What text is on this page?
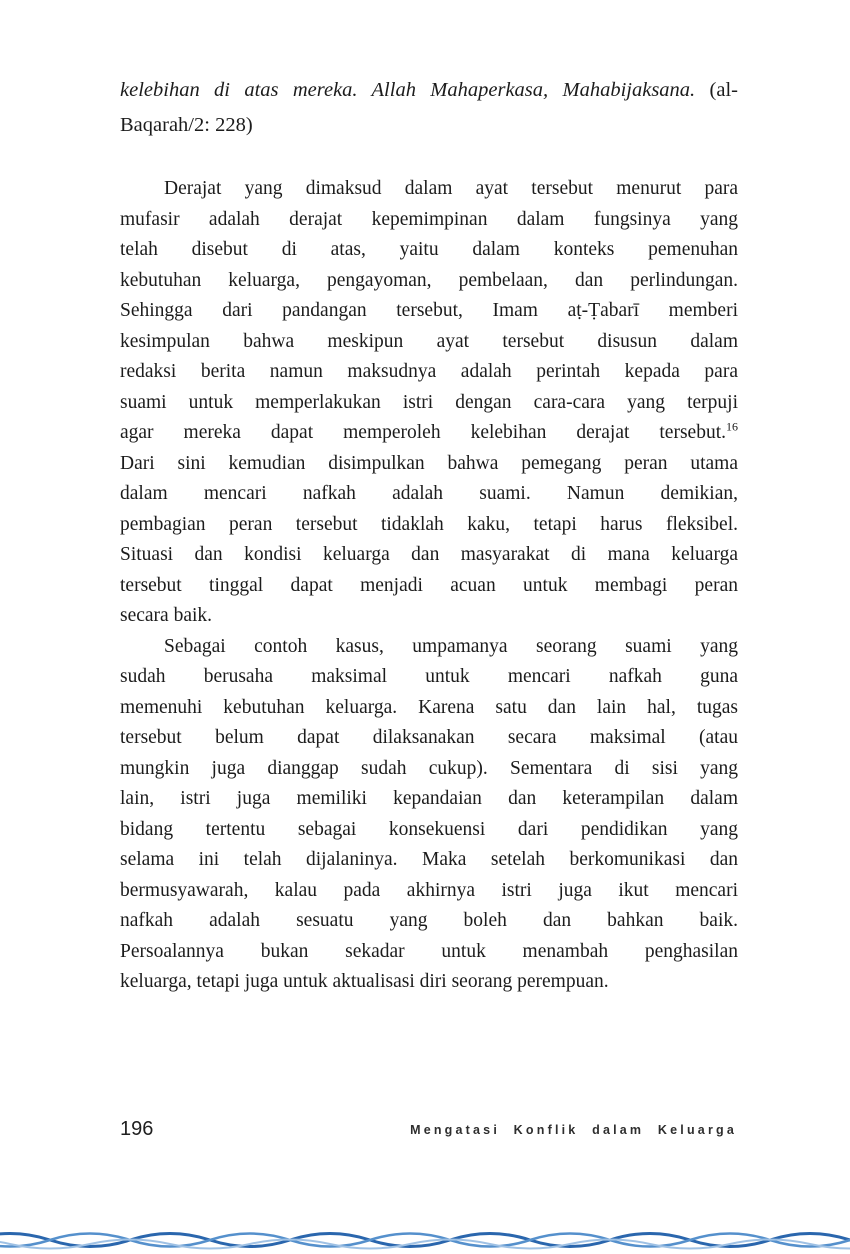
kelebihan di atas mereka. Allah Mahaperkasa, Mahabijaksana. (al-
Baqarah/2: 228)
Derajat yang dimaksud dalam ayat tersebut menurut para
mufasir adalah derajat kepemimpinan dalam fungsinya yang
telah disebut di atas, yaitu dalam konteks pemenuhan
kebutuhan keluarga, pengayoman, pembelaan, dan perlindungan.
Sehingga dari pandangan tersebut, Imam aṭ-Ṭabarī memberi
kesimpulan bahwa meskipun ayat tersebut disusun dalam
redaksi berita namun maksudnya adalah perintah kepada para
suami untuk memperlakukan istri dengan cara-cara yang terpuji
agar mereka dapat memperoleh kelebihan derajat tersebut.$^{16}$
Dari sini kemudian disimpulkan bahwa pemegang peran utama
dalam mencari nafkah adalah suami. Namun demikian,
pembagian peran tersebut tidaklah kaku, tetapi harus fleksibel.
Situasi dan kondisi keluarga dan masyarakat di mana keluarga
tersebut tinggal dapat menjadi acuan untuk membagi peran
secara baik.
Sebagai contoh kasus, umpamanya seorang suami yang
sudah berusaha maksimal untuk mencari nafkah guna
memenuhi kebutuhan keluarga. Karena satu dan lain hal, tugas
tersebut belum dapat dilaksanakan secara maksimal (atau
mungkin juga dianggap sudah cukup). Sementara di sisi yang
lain, istri juga memiliki kepandaian dan keterampilan dalam
bidang tertentu sebagai konsekuensi dari pendidikan yang
selama ini telah dijalaninya. Maka setelah berkomunikasi dan
bermusyawarah, kalau pada akhirnya istri juga ikut mencari
nafkah adalah sesuatu yang boleh dan bahkan baik.
Persoalannya bukan sekadar untuk menambah penghasilan
keluarga, tetapi juga untuk aktualisasi diri seorang perempuan.
196	Mengatasi Konflik dalam Keluarga
